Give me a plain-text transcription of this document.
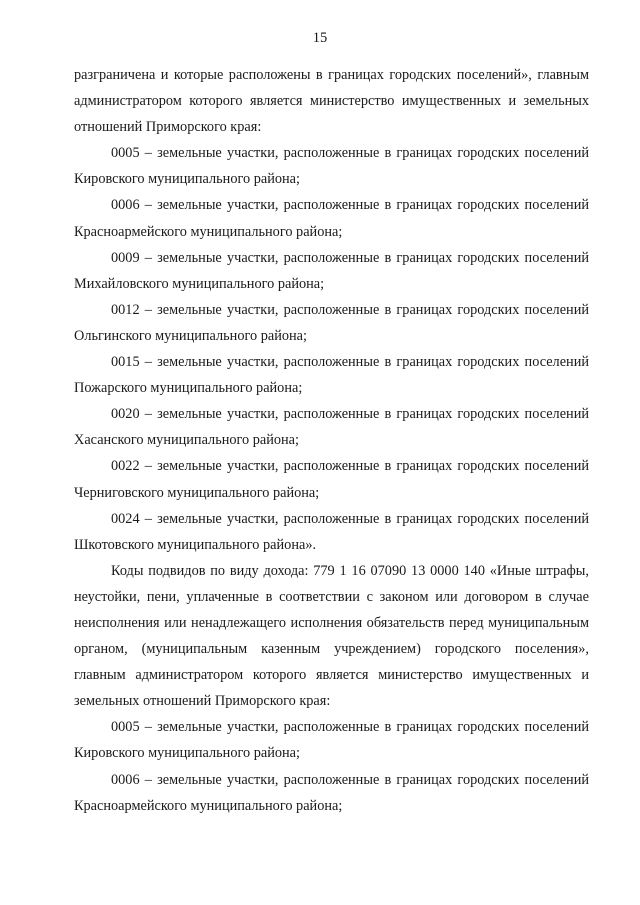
15

разграничена и которые расположены в границах городских поселений», главным администратором которого является министерство имущественных и земельных отношений Приморского края:

0005 – земельные участки, расположенные в границах городских поселений Кировского муниципального района;

0006 – земельные участки, расположенные в границах городских поселений Красноармейского муниципального района;

0009 – земельные участки, расположенные в границах городских поселений Михайловского муниципального района;

0012 – земельные участки, расположенные в границах городских поселений Ольгинского муниципального района;

0015 – земельные участки, расположенные в границах городских поселений Пожарского муниципального района;

0020 – земельные участки, расположенные в границах городских поселений Хасанского муниципального района;

0022 – земельные участки, расположенные в границах городских поселений Черниговского муниципального района;

0024 – земельные участки, расположенные в границах городских поселений Шкотовского муниципального района».

Коды подвидов по виду дохода: 779 1 16 07090 13 0000 140 «Иные штрафы, неустойки, пени, уплаченные в соответствии с законом или договором в случае неисполнения или ненадлежащего исполнения обязательств перед муниципальным органом, (муниципальным казенным учреждением) городского поселения», главным администратором которого является министерство имущественных и земельных отношений Приморского края:

0005 – земельные участки, расположенные в границах городских поселений Кировского муниципального района;

0006 – земельные участки, расположенные в границах городских поселений Красноармейского муниципального района;
